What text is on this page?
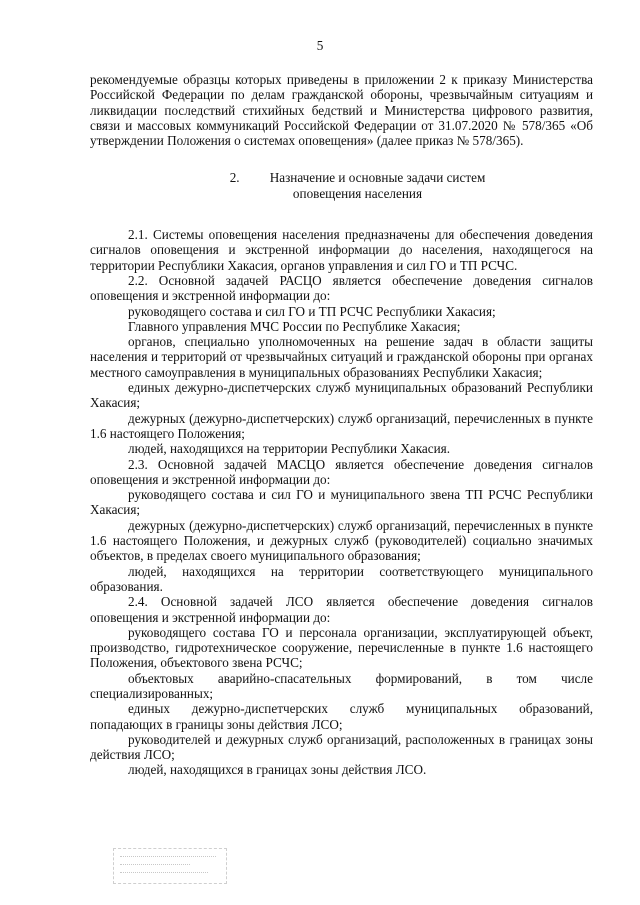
5

рекомендуемые образцы которых приведены в приложении 2 к приказу Министерства Российской Федерации по делам гражданской обороны, чрезвычайным ситуациям и ликвидации последствий стихийных бедствий и Министерства цифрового развития, связи и массовых коммуникаций Российской Федерации от 31.07.2020 № 578/365 «Об утверждении Положения о системах оповещения» (далее приказ № 578/365).

2. Назначение и основные задачи систем
оповещения населения

2.1. Системы оповещения населения предназначены для обеспечения доведения сигналов оповещения и экстренной информации до населения, находящегося на территории Республики Хакасия, органов управления и сил ГО и ТП РСЧС.

2.2. Основной задачей РАСЦО является обеспечение доведения сигналов оповещения и экстренной информации до:

руководящего состава и сил ГО и ТП РСЧС Республики Хакасия;

Главного управления МЧС России по Республике Хакасия;

органов, специально уполномоченных на решение задач в области защиты населения и территорий от чрезвычайных ситуаций и гражданской обороны при органах местного самоуправления в муниципальных образованиях Республики Хакасия;

единых дежурно-диспетчерских служб муниципальных образований Республики Хакасия;

дежурных (дежурно-диспетчерских) служб организаций, перечисленных в пункте 1.6 настоящего Положения;

людей, находящихся на территории Республики Хакасия.

2.3. Основной задачей МАСЦО является обеспечение доведения сигналов оповещения и экстренной информации до:

руководящего состава и сил ГО и муниципального звена ТП РСЧС Республики Хакасия;

дежурных (дежурно-диспетчерских) служб организаций, перечисленных в пункте 1.6 настоящего Положения, и дежурных служб (руководителей) социально значимых объектов, в пределах своего муниципального образования;

людей, находящихся на территории соответствующего муниципального образования.

2.4. Основной задачей ЛСО является обеспечение доведения сигналов оповещения и экстренной информации до:

руководящего состава ГО и персонала организации, эксплуатирующей объект, производство, гидротехническое сооружение, перечисленные в пункте 1.6 настоящего Положения, объектового звена РСЧС;

объектовых аварийно-спасательных формирований, в том числе специализированных;

единых дежурно-диспетчерских служб муниципальных образований, попадающих в границы зоны действия ЛСО;

руководителей и дежурных служб организаций, расположенных в границах зоны действия ЛСО;

людей, находящихся в границах зоны действия ЛСО.
